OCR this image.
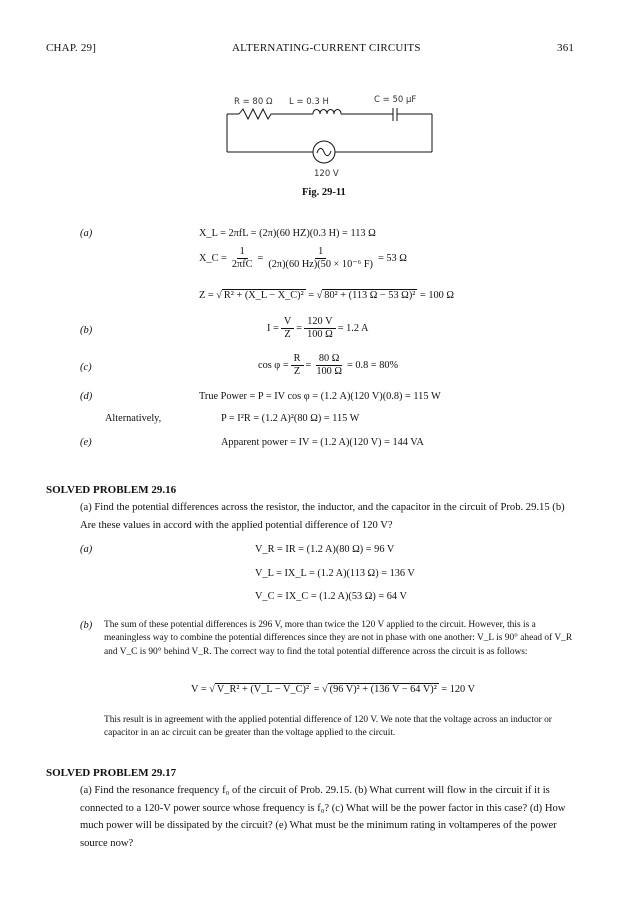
CHAP. 29]	ALTERNATING-CURRENT CIRCUITS	361
R = 80 Ω L = 0.3 H	C = 50 μF
120 V
Fig. 29-11
(a)	X_L = 2πfL = (2π)(60 HZ)(0.3 H) = 113 Ω
X_C = $\frac{1}{\text{2πfC}} = \frac{1}{\text{(2π)(60 Hz)(50 × 10⁻⁶ F)}} = 53$ Ω
Z = √ R² + (X_L − X_C)² = √ 80² + (113 Ω − 53 Ω)² = 100 Ω
(b)	$I = \frac{V}{Z} = \frac{120 V}{100 \Omega} = 1.2$ A
(c)	$\cos \varphi = \frac{R}{Z} = \frac{80 \Omega}{100 \Omega} = 0.8 = 80\%$
(d)	True Power = P = IV cos φ = (1.2 A)(120 V)(0.8) = 115 W
Alternatively,	P = I²R = (1.2 A)²(80 Ω) = 115 W
(e)	Apparent power = IV = (1.2 A)(120 V) = 144 VA
SOLVED PROBLEM 29.16
(a) Find the potential differences across the resistor, the inductor, and the capacitor in the circuit of Prob. 29.15 (b) Are these values in accord with the applied potential difference of 120 V?
(a)	V_R = IR = (1.2 A)(80 Ω) = 96 V
V_L = IX_L = (1.2 A)(113 Ω) = 136 V
V_C = IX_C = (1.2 A)(53 Ω) = 64 V
(b) The sum of these potential differences is 296 V, more than twice the 120 V applied to the circuit. However, this is a meaningless way to combine the potential differences since they are not in phase with one another: V_L is 90° ahead of V_R and V_C is 90° behind V_R. The correct way to find the total potential difference across the circuit is as follows:
V = √ V_R² + (V_L − V_C)² = √ (96 V)² + (136 V − 64 V)² = 120 V
This result is in agreement with the applied potential difference of 120 V. We note that the voltage across an inductor or capacitor in an ac circuit can be greater than the voltage applied to the circuit.
SOLVED PROBLEM 29.17
(a) Find the resonance frequency f₀ of the circuit of Prob. 29.15. (b) What current will flow in the circuit if it is connected to a 120-V power source whose frequency is f₀? (c) What will be the power factor in this case? (d) How much power will be dissipated by the circuit? (e) What must be the minimum rating in voltamperes of the power source now?
